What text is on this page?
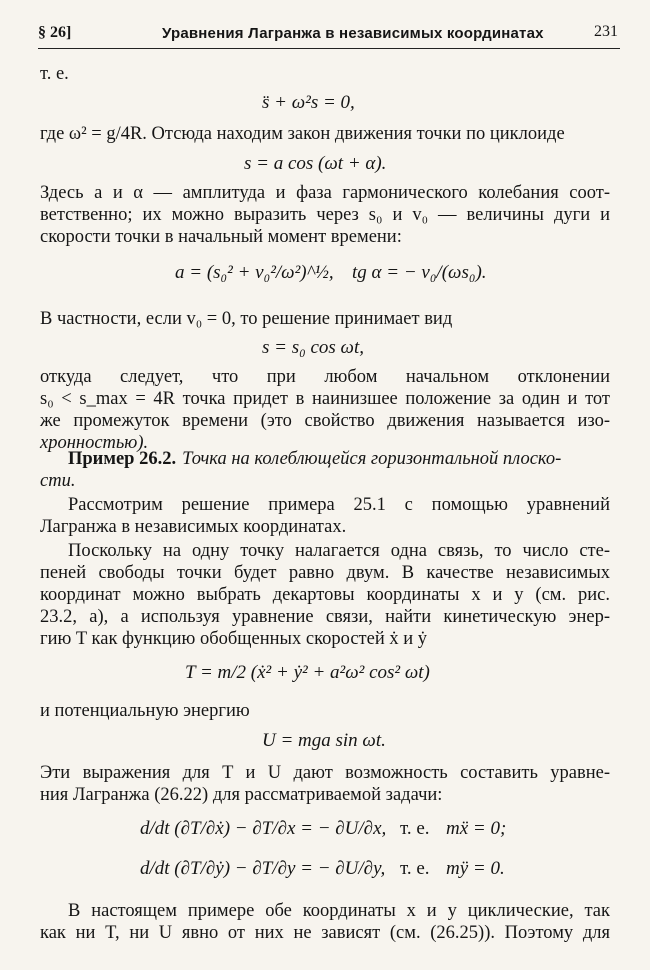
§ 26]	Уравнения Лагранжа в независимых координатах	231
т. е.
s̈ + ω²s = 0,
где ω² = g/4R. Отсюда находим закон движения точки по циклоиде
s = a cos (ωt + α).
Здесь a и α — амплитуда и фаза гармонического колебания соот-
ветственно; их можно выразить через s₀ и v₀ — величины дуги и
скорости точки в начальный момент времени:
a = (s₀² + v₀²/ω²)^½, tg α = − v₀/(ωs₀).
В частности, если v₀ = 0, то решение принимает вид
s = s₀ cos ωt,
откуда следует, что при любом начальном отклонении
s₀ < s_max = 4R точка придет в наинизшее положение за один и тот
же промежуток времени (это свойство движения называется изо-
хронностью).
Пример 26.2. Точка на колеблющейся горизонтальной плоско-
сти.
Рассмотрим решение примера 25.1 с помощью уравнений
Лагранжа в независимых координатах.
Поскольку на одну точку налагается одна связь, то число сте-
пеней свободы точки будет равно двум. В качестве независимых
координат можно выбрать декартовы координаты x и y (см. рис.
23.2, a), а используя уравнение связи, найти кинетическую энер-
гию T как функцию обобщенных скоростей ẋ и ẏ
T = m/2 (ẋ² + ẏ² + a²ω² cos² ωt)
и потенциальную энергию
U = mga sin ωt.
Эти выражения для T и U дают возможность составить уравне-
ния Лагранжа (26.22) для рассматриваемой задачи:
d/dt (∂T/∂ẋ) − ∂T/∂x = − ∂U/∂x, т. е. mẍ = 0;
d/dt (∂T/∂ẏ) − ∂T/∂y = − ∂U/∂y, т. е. mÿ = 0.
В настоящем примере обе координаты x и y циклические, так
как ни T, ни U явно от них не зависят (см. (26.25)). Поэтому для
